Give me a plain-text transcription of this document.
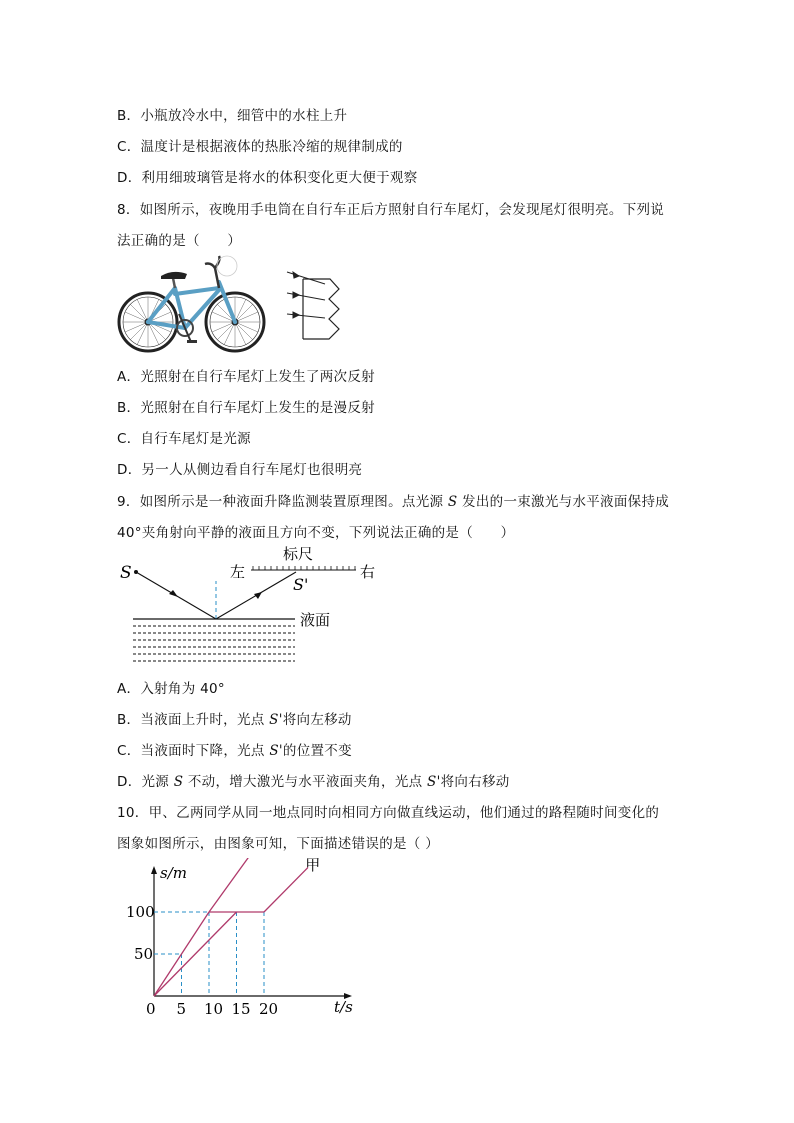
B．小瓶放冷水中，细管中的水柱上升
C．温度计是根据液体的热胀冷缩的规律制成的
D．利用细玻璃管是将水的体积变化更大便于观察
8．如图所示，夜晚用手电筒在自行车正后方照射自行车尾灯，会发现尾灯很明亮。下列说
法正确的是（　　）
A．光照射在自行车尾灯上发生了两次反射
B．光照射在自行车尾灯上发生的是漫反射
C．自行车尾灯是光源
D．另一人从侧边看自行车尾灯也很明亮
9．如图所示是一种液面升降监测装置原理图。点光源 S 发出的一束激光与水平液面保持成
40°夹角射向平静的液面且方向不变，下列说法正确的是（　　）
S
标尺
左	右
S'
液面
A．入射角为 40°
B．当液面上升时，光点 S'将向左移动
C．当液面时下降，光点 S'的位置不变
D．光源 S 不动，增大激光与水平液面夹角，光点 S'将向右移动
10．甲、乙两同学从同一地点同时向相同方向做直线运动，他们通过的路程随时间变化的
图象如图所示，由图象可知，下面描述错误的是（ ）
s/m
t/s
0 5 10 15 20
50
100
甲
